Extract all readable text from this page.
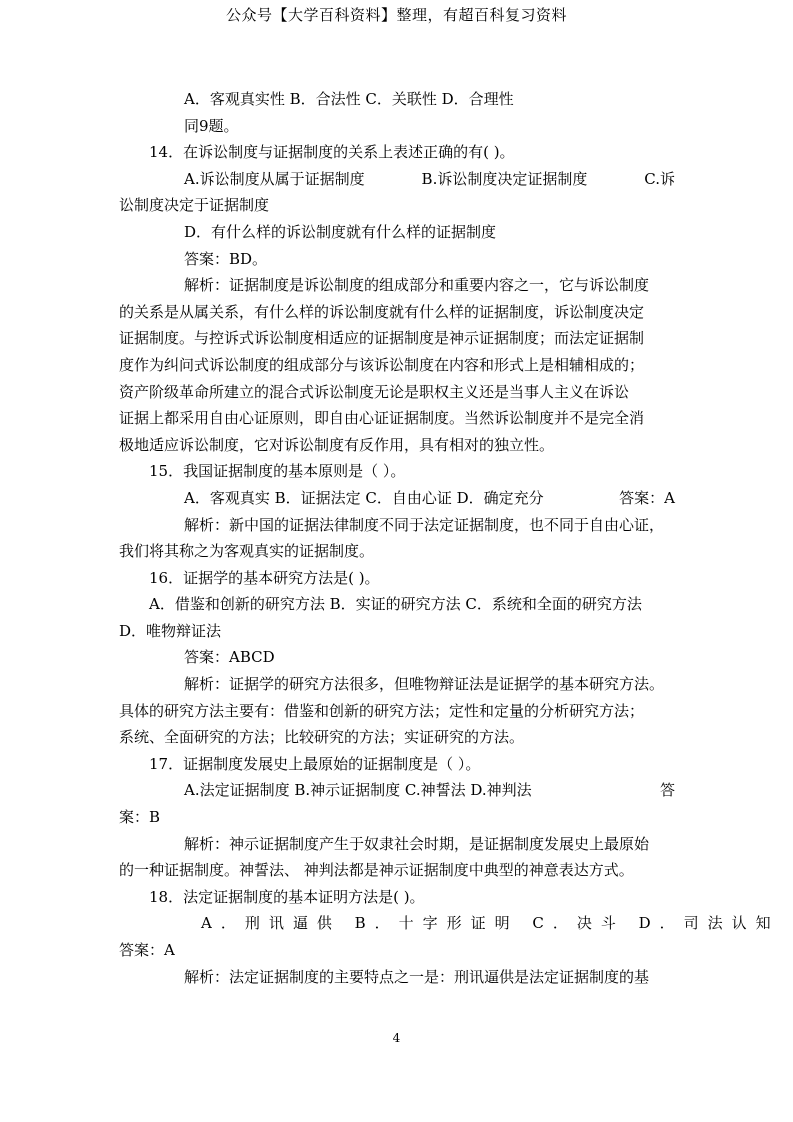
公众号【大学百科资料】整理，有超百科复习资料

A．客观真实性 B．合法性 C．关联性 D．合理性

同9题。

14．在诉讼制度与证据制度的关系上表述正确的有( )。

A.诉讼制度从属于证据制度	B.诉讼制度决定证据制度	C.诉

讼制度决定于证据制度

D．有什么样的诉讼制度就有什么样的证据制度

答案：BD。

解析：证据制度是诉讼制度的组成部分和重要内容之一，它与诉讼制度

的关系是从属关系，有什么样的诉讼制度就有什么样的证据制度，诉讼制度决定

证据制度。与控诉式诉讼制度相适应的证据制度是神示证据制度；而法定证据制

度作为纠问式诉讼制度的组成部分与该诉讼制度在内容和形式上是相辅相成的；

资产阶级革命所建立的混合式诉讼制度无论是职权主义还是当事人主义在诉讼

证据上都采用自由心证原则，即自由心证证据制度。当然诉讼制度并不是完全消

极地适应诉讼制度，它对诉讼制度有反作用，具有相对的独立性。

15．我国证据制度的基本原则是（ ）。

A．客观真实 B．证据法定 C．自由心证 D．确定充分	答案：A

解析：新中国的证据法律制度不同于法定证据制度，也不同于自由心证，

我们将其称之为客观真实的证据制度。

16．证据学的基本研究方法是( )。

A．借鉴和创新的研究方法 B．实证的研究方法 C．系统和全面的研究方法

D．唯物辩证法

答案：ABCD

解析：证据学的研究方法很多，但唯物辩证法是证据学的基本研究方法。

具体的研究方法主要有：借鉴和创新的研究方法；定性和定量的分析研究方法；

系统、全面研究的方法；比较研究的方法；实证研究的方法。

17．证据制度发展史上最原始的证据制度是（ ）。

A.法定证据制度 B.神示证据制度 C.神誓法 D.神判法	答

案：B

解析：神示证据制度产生于奴隶社会时期，是证据制度发展史上最原始

的一种证据制度。神誓法、 神判法都是神示证据制度中典型的神意表达方式。

18．法定证据制度的基本证明方法是( )。

A．刑讯逼供 B．十字形证明 C．决斗 D．司法认知

答案：A

解析：法定证据制度的主要特点之一是：刑讯逼供是法定证据制度的基

4
